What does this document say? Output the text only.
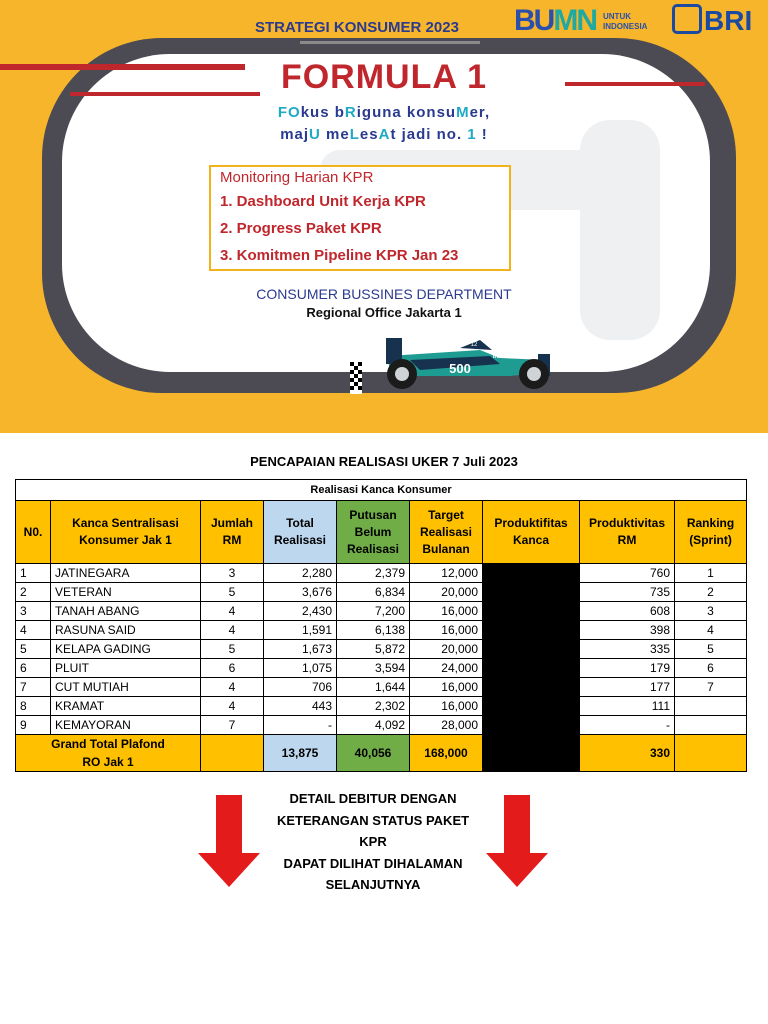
STRATEGI KONSUMER 2023 BUMN UNTUK
INDONESIA	BRI
FORMULA 1
FOkus bRiguna konsuMer,
majU meLesAt jadi no. 1 !
Monitoring Harian KPR
1. Dashboard Unit Kerja KPR
2. Progress Paket KPR
3. Komitmen Pipeline KPR Jan 23
CONSUMER BUSSINES DEPARTMENT
Regional Office Jakarta 1
500
INDY
12
PENCAPAIAN REALISASI UKER 7 Juli 2023
Realisasi Kanca Konsumer								
N0.	Kanca Sentralisasi Konsumer Jak 1	Jumlah RM	Total Realisasi	Putusan Belum Realisasi	Target Realisasi Bulanan	Produktifitas Kanca	Produktivitas RM	Ranking (Sprint)
1	JATINEGARA	3	2,280	2,379	12,000	19%	760	1
2	VETERAN	5	3,676	6,834	20,000	18%	735	2
3	TANAH ABANG	4	2,430	7,200	16,000	15%	608	3
4	RASUNA SAID	4	1,591	6,138	16,000	10%	398	4
5	KELAPA GADING	5	1,673	5,872	20,000	8%	335	5
6	PLUIT	6	1,075	3,594	24,000	4%	179	6
7	CUT MUTIAH	4	706	1,644	16,000	4%	177	7
8	KRAMAT	4	443	2,302	16,000	3%	111	
9	KEMAYORAN	7	-	4,092	28,000	0%	-	

Grand Total Plafond
RO Jak 1			13,875	40,056	168,000	8%	330	
DETAIL DEBITUR DENGAN
KETERANGAN STATUS PAKET
KPR
DAPAT DILIHAT DIHALAMAN
SELANJUTNYA
